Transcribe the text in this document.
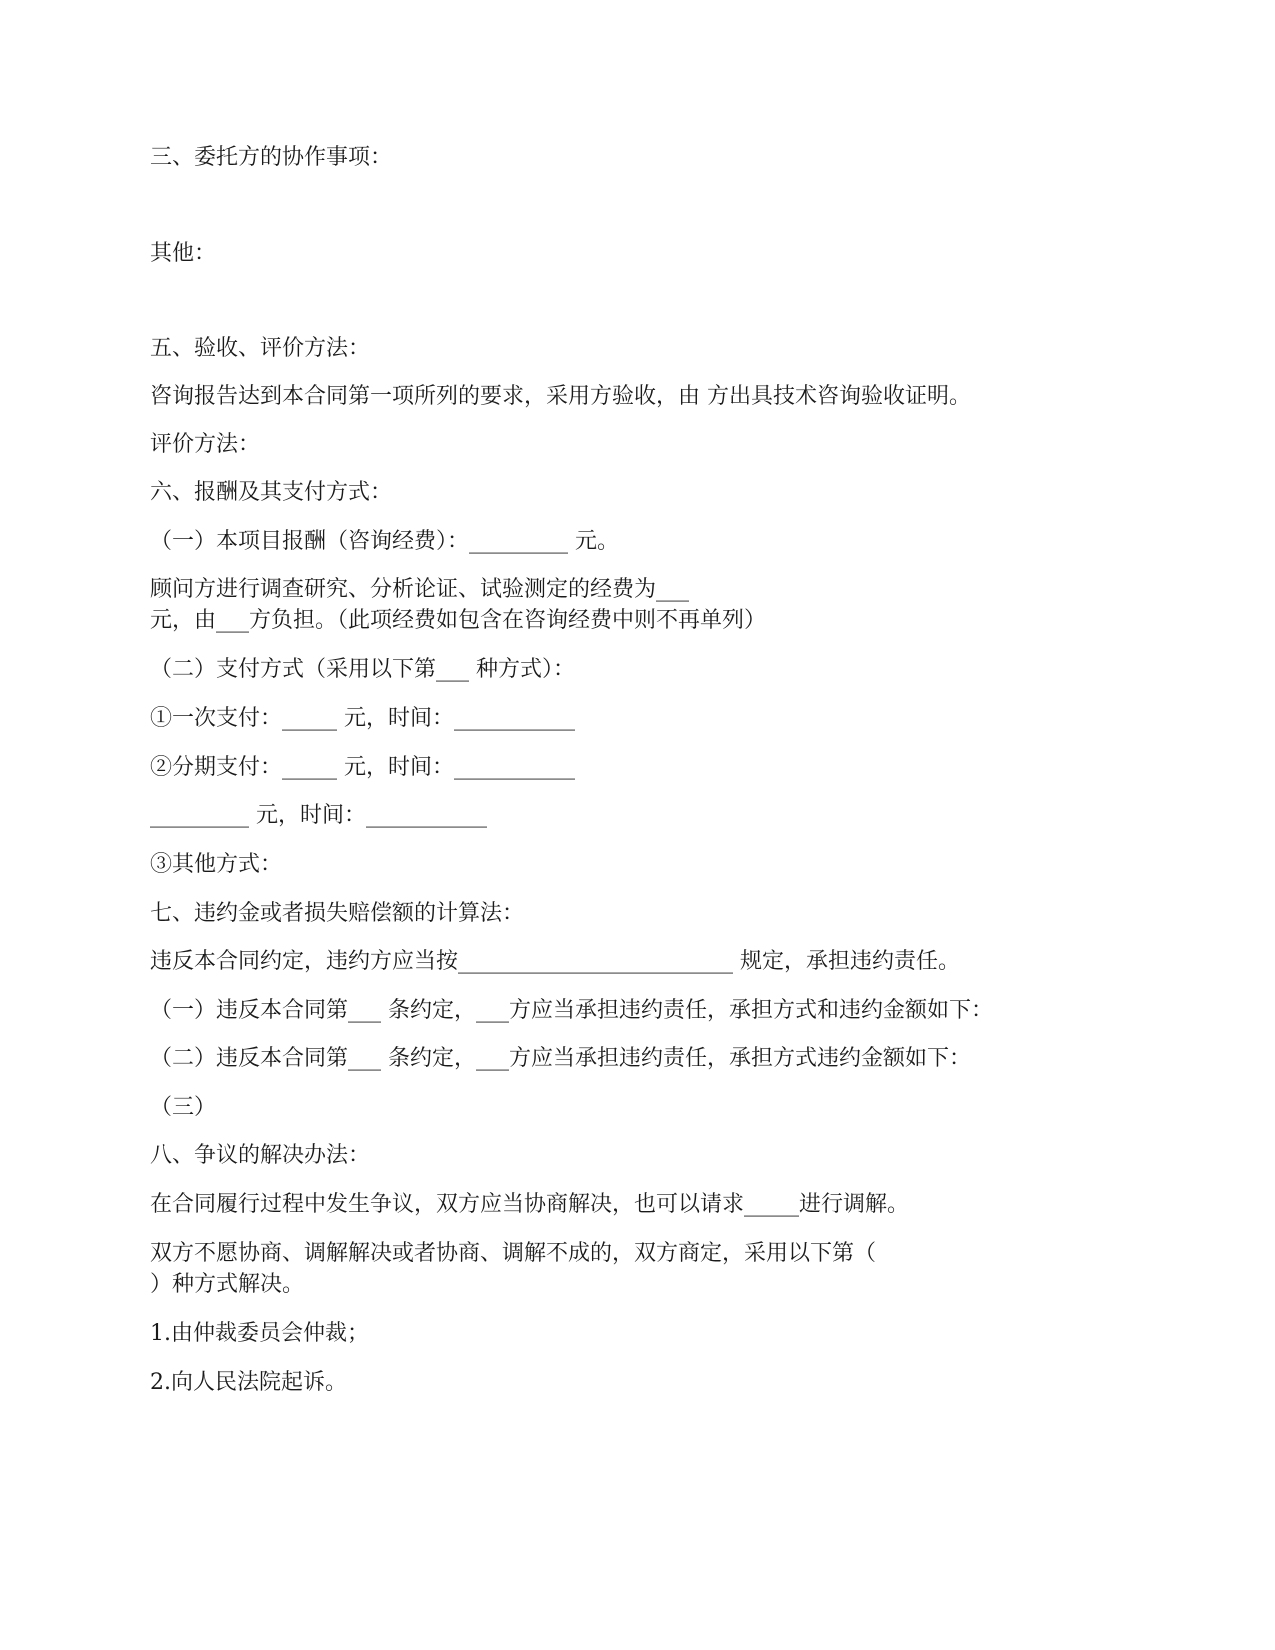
三、委托方的协作事项：
其他：
五、验收、评价方法：
咨询报告达到本合同第一项所列的要求，采用方验收，由 方出具技术咨询验收证明。
评价方法：
六、报酬及其支付方式：
（一）本项目报酬（咨询经费）：_________ 元。
顾问方进行调查研究、分析论证、试验测定的经费为___
元，由___方负担。（此项经费如包含在咨询经费中则不再单列）
（二）支付方式（采用以下第___ 种方式）：
①一次支付：_____ 元，时间：___________
②分期支付：_____ 元，时间：___________
_________ 元，时间：___________
③其他方式：
七、违约金或者损失赔偿额的计算法：
违反本合同约定，违约方应当按_________________________ 规定，承担违约责任。
（一）违反本合同第___ 条约定，___方应当承担违约责任，承担方式和违约金额如下：
（二）违反本合同第___ 条约定，___方应当承担违约责任，承担方式违约金额如下：
（三）
八、争议的解决办法：
在合同履行过程中发生争议，双方应当协商解决，也可以请求_____进行调解。
双方不愿协商、调解解决或者协商、调解不成的，双方商定，采用以下第（
）种方式解决。
1.由仲裁委员会仲裁；
2.向人民法院起诉。
